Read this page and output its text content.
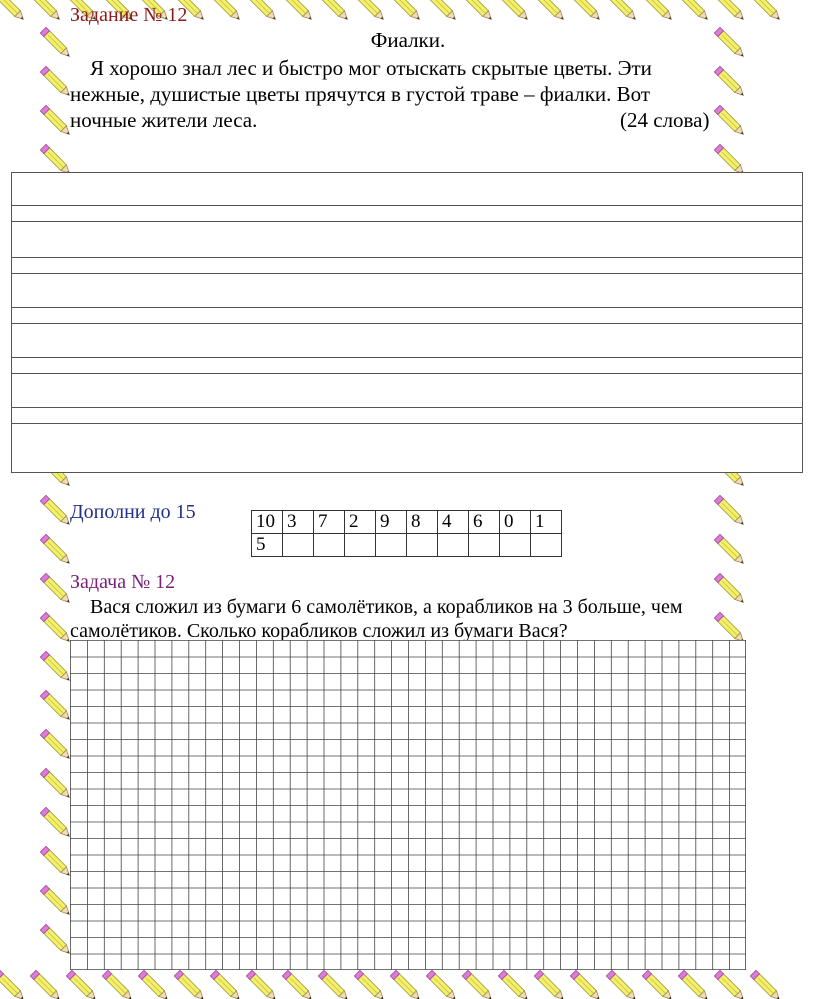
Задание № 12
Фиалки.
Я хорошо знал лес и быстро мог отыскать скрытые цветы. Эти
нежные, душистые цветы прячутся в густой траве – фиалки. Вот
ночные жители леса.	(24 слова)
Дополни до 15	10	3	7	2	9	8	4	6	0	1
5									
Задача № 12
Вася сложил из бумаги 6 самолётиков, а корабликов на 3 больше, чем
самолётиков. Сколько корабликов сложил из бумаги Вася?
